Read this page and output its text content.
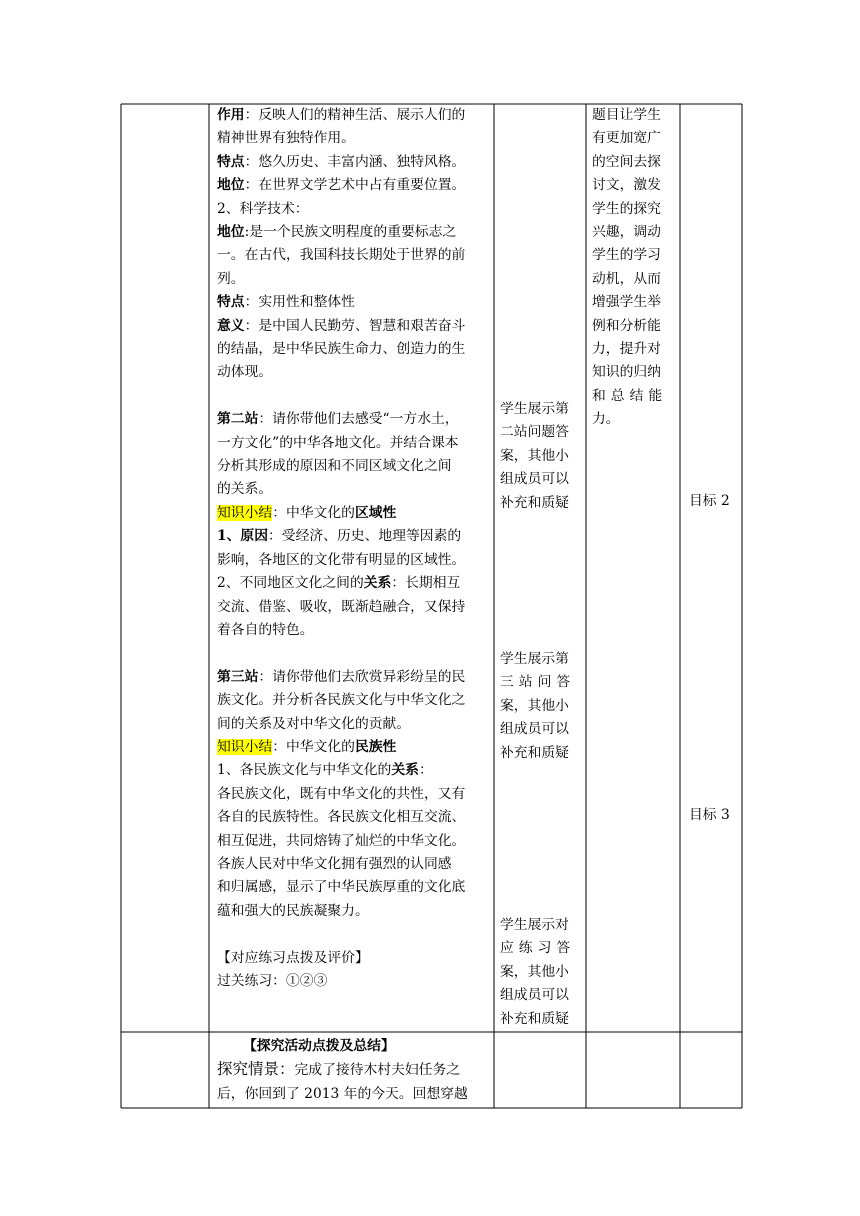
作用：反映人们的精神生活、展示人们的
精神世界有独特作用。
特点：悠久历史、丰富内涵、独特风格。
地位：在世界文学艺术中占有重要位置。
2、科学技术：
地位:是一个民族文明程度的重要标志之
一。在古代，我国科技长期处于世界的前
列。
特点：实用性和整体性
意义：是中国人民勤劳、智慧和艰苦奋斗
的结晶，是中华民族生命力、创造力的生
动体现。
第二站：请你带他们去感受“一方水土，
一方文化”的中华各地文化。并结合课本
分析其形成的原因和不同区域文化之间
的关系。
知识小结：中华文化的区域性
1、原因：受经济、历史、地理等因素的
影响，各地区的文化带有明显的区域性。
2、不同地区文化之间的关系：长期相互
交流、借鉴、吸收，既渐趋融合，又保持
着各自的特色。
第三站：请你带他们去欣赏异彩纷呈的民
族文化。并分析各民族文化与中华文化之
间的关系及对中华文化的贡献。
知识小结：中华文化的民族性
1、各民族文化与中华文化的关系：
各民族文化，既有中华文化的共性，又有
各自的民族特性。各民族文化相互交流、
相互促进，共同熔铸了灿烂的中华文化。
各族人民对中华文化拥有强烈的认同感
和归属感，显示了中华民族厚重的文化底
蕴和强大的民族凝聚力。
【对应练习点拨及评价】
过关练习：①②③
学生展示第
二站问题答
案，其他小
组成员可以
补充和质疑
学生展示第
三站问答
案，其他小
组成员可以
补充和质疑
学生展示对
应练习答
案，其他小
组成员可以
补充和质疑
题目让学生
有更加宽广
的空间去探
讨文，激发
学生的探究
兴趣，调动
学生的学习
动机，从而
增强学生举
例和分析能
力，提升对
知识的归纳
和总结能
力。
目标 2
目标 3
【探究活动点拨及总结】
探究情景：完成了接待木村夫妇任务之
后，你回到了 2013 年的今天。回想穿越
